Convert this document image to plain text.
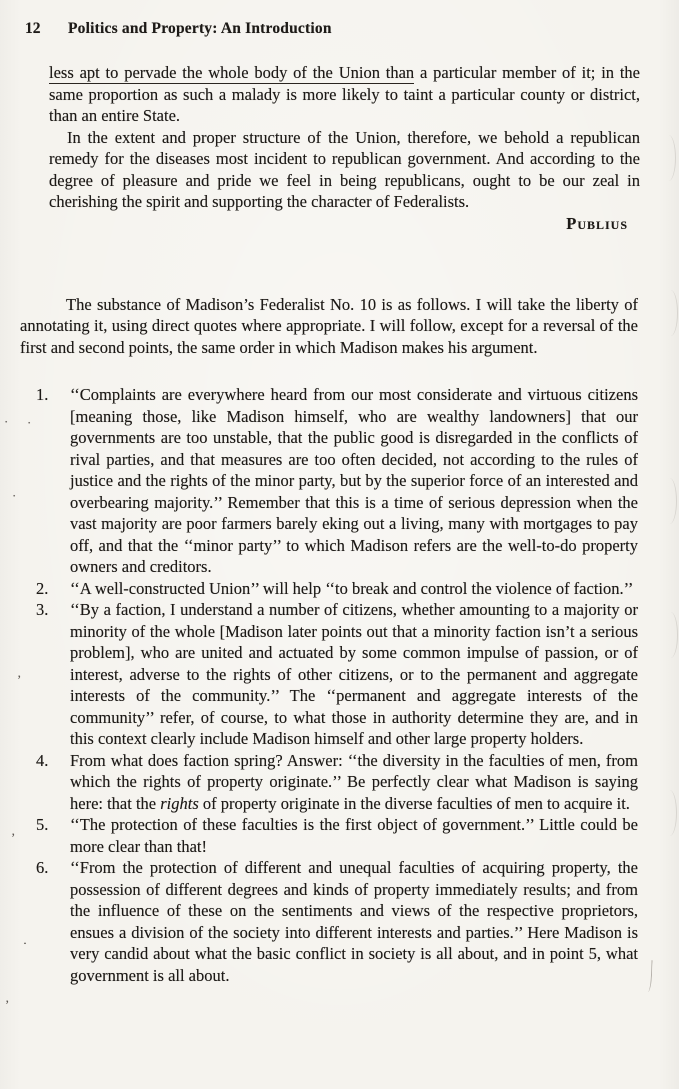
12 Politics and Property: An Introduction

less apt to pervade the whole body of the Union than a particular member of it; in the same proportion as such a malady is more likely to taint a particular county or district, than an entire State.

In the extent and proper structure of the Union, therefore, we behold a republican remedy for the diseases most incident to republican government. And according to the degree of pleasure and pride we feel in being republicans, ought to be our zeal in cherishing the spirit and supporting the character of Federalists.

Publius

The substance of Madison’s Federalist No. 10 is as follows. I will take the liberty of annotating it, using direct quotes where appropriate. I will follow, except for a reversal of the first and second points, the same order in which Madison makes his argument.

1. ‘‘Complaints are everywhere heard from our most considerate and virtuous citizens [meaning those, like Madison himself, who are wealthy landowners] that our governments are too unstable, that the public good is disregarded in the conflicts of rival parties, and that measures are too often decided, not according to the rules of justice and the rights of the minor party, but by the superior force of an interested and overbearing majority.’’ Remember that this is a time of serious depression when the vast majority are poor farmers barely eking out a living, many with mortgages to pay off, and that the ‘‘minor party’’ to which Madison refers are the well-to-do property owners and creditors.
2. ‘‘A well-constructed Union’’ will help ‘‘to break and control the violence of faction.’’
3. ‘‘By a faction, I understand a number of citizens, whether amounting to a majority or minority of the whole [Madison later points out that a minority faction isn’t a serious problem], who are united and actuated by some common impulse of passion, or of interest, adverse to the rights of other citizens, or to the permanent and aggregate interests of the community.’’ The ‘‘permanent and aggregate interests of the community’’ refer, of course, to what those in authority determine they are, and in this context clearly include Madison himself and other large property holders.
4. From what does faction spring? Answer: ‘‘the diversity in the faculties of men, from which the rights of property originate.’’ Be perfectly clear what Madison is saying here: that the rights of property originate in the diverse faculties of men to acquire it.
5. ‘‘The protection of these faculties is the first object of government.’’ Little could be more clear than that!
6. ‘‘From the protection of different and unequal faculties of acquiring property, the possession of different degrees and kinds of property immediately results; and from the influence of these on the sentiments and views of the respective proprietors, ensues a division of the society into different interests and parties.’’ Here Madison is very candid about what the basic conflict in society is all about, and in point 5, what government is all about.
· ·
·
’
’
’
·
